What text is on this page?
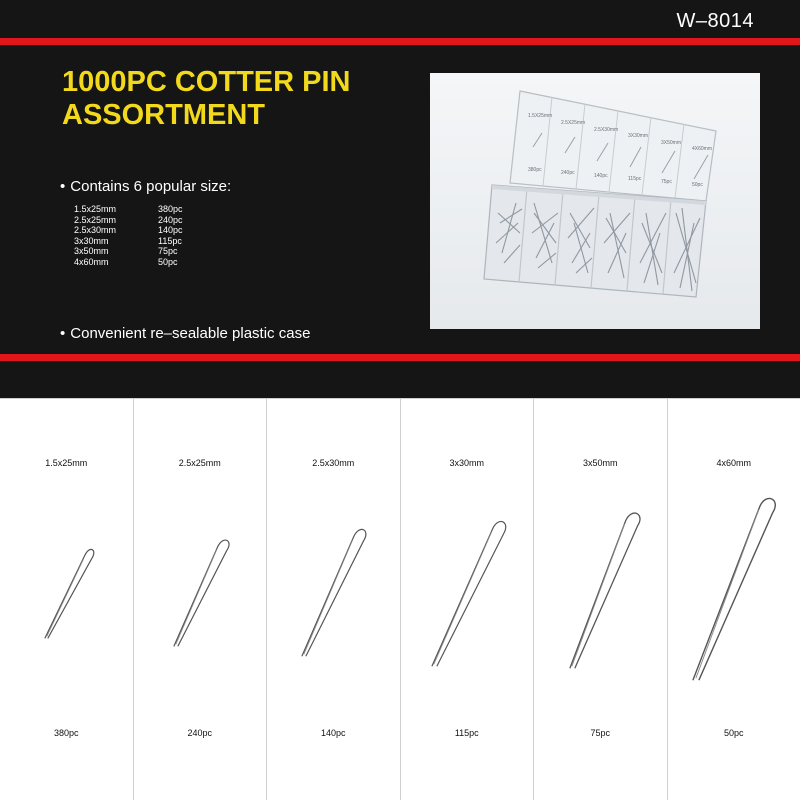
W–8014
1000PC COTTER PIN
ASSORTMENT
• Contains 6 popular size:
1.5x25mm	380pc
2.5x25mm	240pc
2.5x30mm	140pc
3x30mm	115pc
3x50mm	75pc
4x60mm	50pc
• Convenient re–sealable plastic case
1.5X25mm
2.5X25mm
2.5X30mm
3X30mm
3X50mm
4X60mm
380pc	240pc	140pc	115pc	75pc	50pc
1.5x25mm
380pc
2.5x25mm
240pc
2.5x30mm
140pc
3x30mm
115pc
3x50mm
75pc
4x60mm
50pc
